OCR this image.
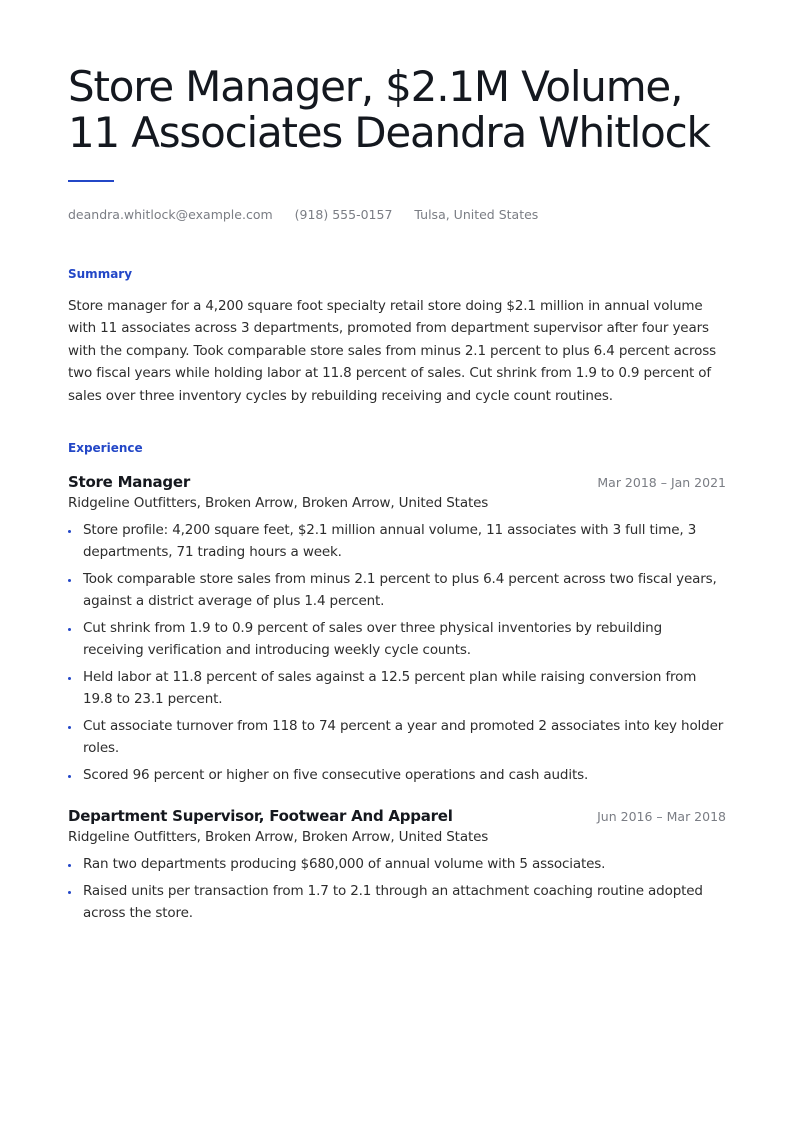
Store Manager, $2.1M Volume, 11 Associates Deandra Whitlock
deandra.whitlock@example.com (918) 555-0157 Tulsa, United States
Summary

Store manager for a 4,200 square foot specialty retail store doing $2.1 million in annual volume with 11 associates across 3 departments, promoted from department supervisor after four years with the company. Took comparable store sales from minus 2.1 percent to plus 6.4 percent across two fiscal years while holding labor at 11.8 percent of sales. Cut shrink from 1.9 to 0.9 percent of sales over three inventory cycles by rebuilding receiving and cycle count routines.

Experience
Store Manager	Mar 2018 – Jan 2021
Ridgeline Outfitters, Broken Arrow, Broken Arrow, United States
Store profile: 4,200 square feet, $2.1 million annual volume, 11 associates with 3 full time, 3 departments, 71 trading hours a week.
Took comparable store sales from minus 2.1 percent to plus 6.4 percent across two fiscal years, against a district average of plus 1.4 percent.
Cut shrink from 1.9 to 0.9 percent of sales over three physical inventories by rebuilding receiving verification and introducing weekly cycle counts.
Held labor at 11.8 percent of sales against a 12.5 percent plan while raising conversion from 19.8 to 23.1 percent.
Cut associate turnover from 118 to 74 percent a year and promoted 2 associates into key holder roles.
Scored 96 percent or higher on five consecutive operations and cash audits.
Department Supervisor, Footwear And Apparel	Jun 2016 – Mar 2018
Ridgeline Outfitters, Broken Arrow, Broken Arrow, United States
Ran two departments producing $680,000 of annual volume with 5 associates.
Raised units per transaction from 1.7 to 2.1 through an attachment coaching routine adopted across the store.
